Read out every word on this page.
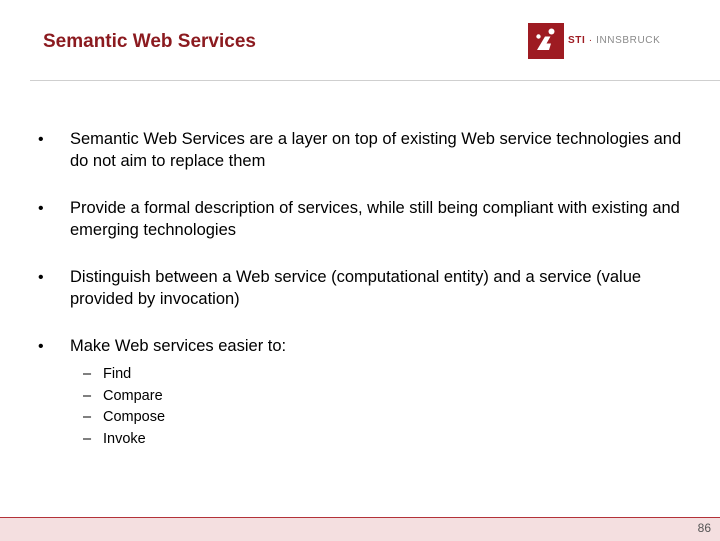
Semantic Web Services	STI · INNSBRUCK
• Semantic Web Services are a layer on top of existing Web service technologies and do not aim to replace them
• Provide a formal description of services, while still being compliant with existing and emerging technologies
• Distinguish between a Web service (computational entity) and a service (value provided by invocation)
• Make Web services easier to:
– Find
– Compare
– Compose
– Invoke
86
